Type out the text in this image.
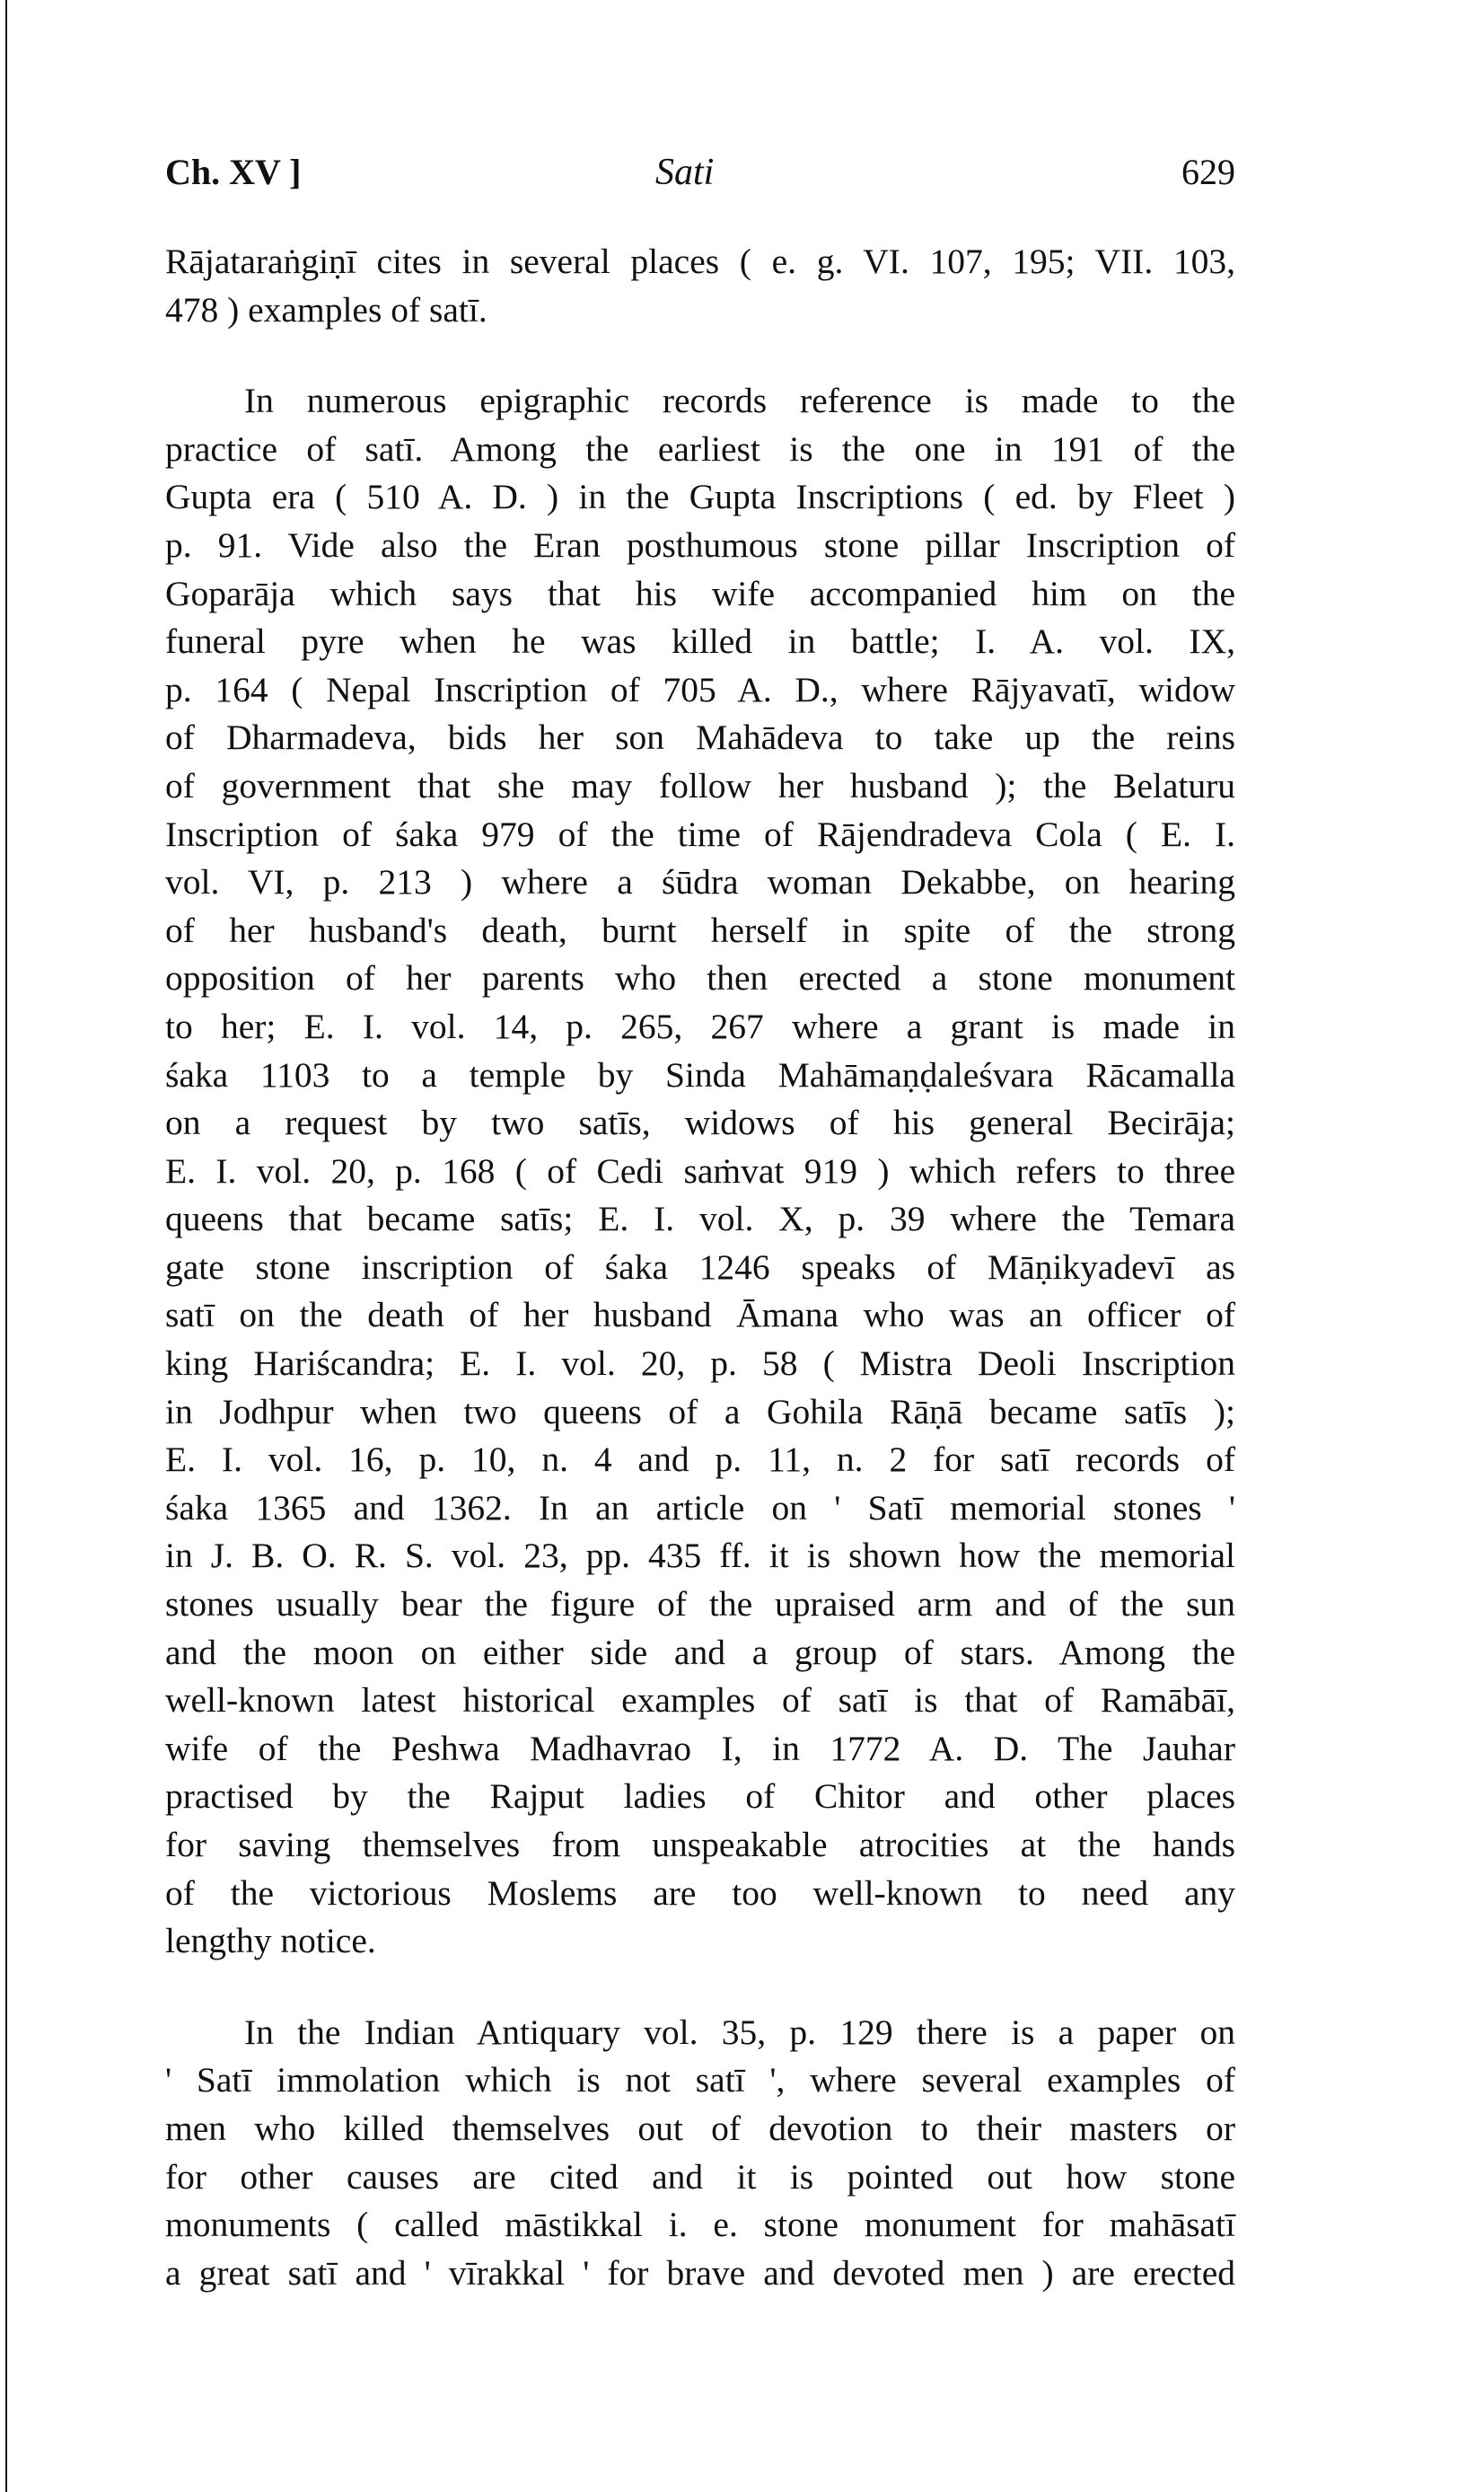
Ch. XV ]	Sati	629
Rājataraṅgiṇī cites in several places ( e. g. VI. 107, 195; VII. 103,
478 ) examples of satī.
In numerous epigraphic records reference is made to the
practice of satī. Among the earliest is the one in 191 of the
Gupta era ( 510 A. D. ) in the Gupta Inscriptions ( ed. by Fleet )
p. 91. Vide also the Eran posthumous stone pillar Inscription of
Goparāja which says that his wife accompanied him on the
funeral pyre when he was killed in battle; I. A. vol. IX,
p. 164 ( Nepal Inscription of 705 A. D., where Rājyavatī, widow
of Dharmadeva, bids her son Mahādeva to take up the reins
of government that she may follow her husband ); the Belaturu
Inscription of śaka 979 of the time of Rājendradeva Cola ( E. I.
vol. VI, p. 213 ) where a śūdra woman Dekabbe, on hearing
of her husband's death, burnt herself in spite of the strong
opposition of her parents who then erected a stone monument
to her; E. I. vol. 14, p. 265, 267 where a grant is made in
śaka 1103 to a temple by Sinda Mahāmaṇḍaleśvara Rācamalla
on a request by two satīs, widows of his general Becirāja;
E. I. vol. 20, p. 168 ( of Cedi saṁvat 919 ) which refers to three
queens that became satīs; E. I. vol. X, p. 39 where the Temara
gate stone inscription of śaka 1246 speaks of Māṇikyadevī as
satī on the death of her husband Āmana who was an officer of
king Hariścandra; E. I. vol. 20, p. 58 ( Mistra Deoli Inscription
in Jodhpur when two queens of a Gohila Rāṇā became satīs );
E. I. vol. 16, p. 10, n. 4 and p. 11, n. 2 for satī records of
śaka 1365 and 1362. In an article on ' Satī memorial stones '
in J. B. O. R. S. vol. 23, pp. 435 ff. it is shown how the memorial
stones usually bear the figure of the upraised arm and of the sun
and the moon on either side and a group of stars. Among the
well-known latest historical examples of satī is that of Ramābāī,
wife of the Peshwa Madhavrao I, in 1772 A. D. The Jauhar
practised by the Rajput ladies of Chitor and other places
for saving themselves from unspeakable atrocities at the hands
of the victorious Moslems are too well-known to need any
lengthy notice.
In the Indian Antiquary vol. 35, p. 129 there is a paper on
' Satī immolation which is not satī ', where several examples of
men who killed themselves out of devotion to their masters or
for other causes are cited and it is pointed out how stone
monuments ( called māstikkal i. e. stone monument for mahāsatī
a great satī and ' vīrakkal ' for brave and devoted men ) are erected
